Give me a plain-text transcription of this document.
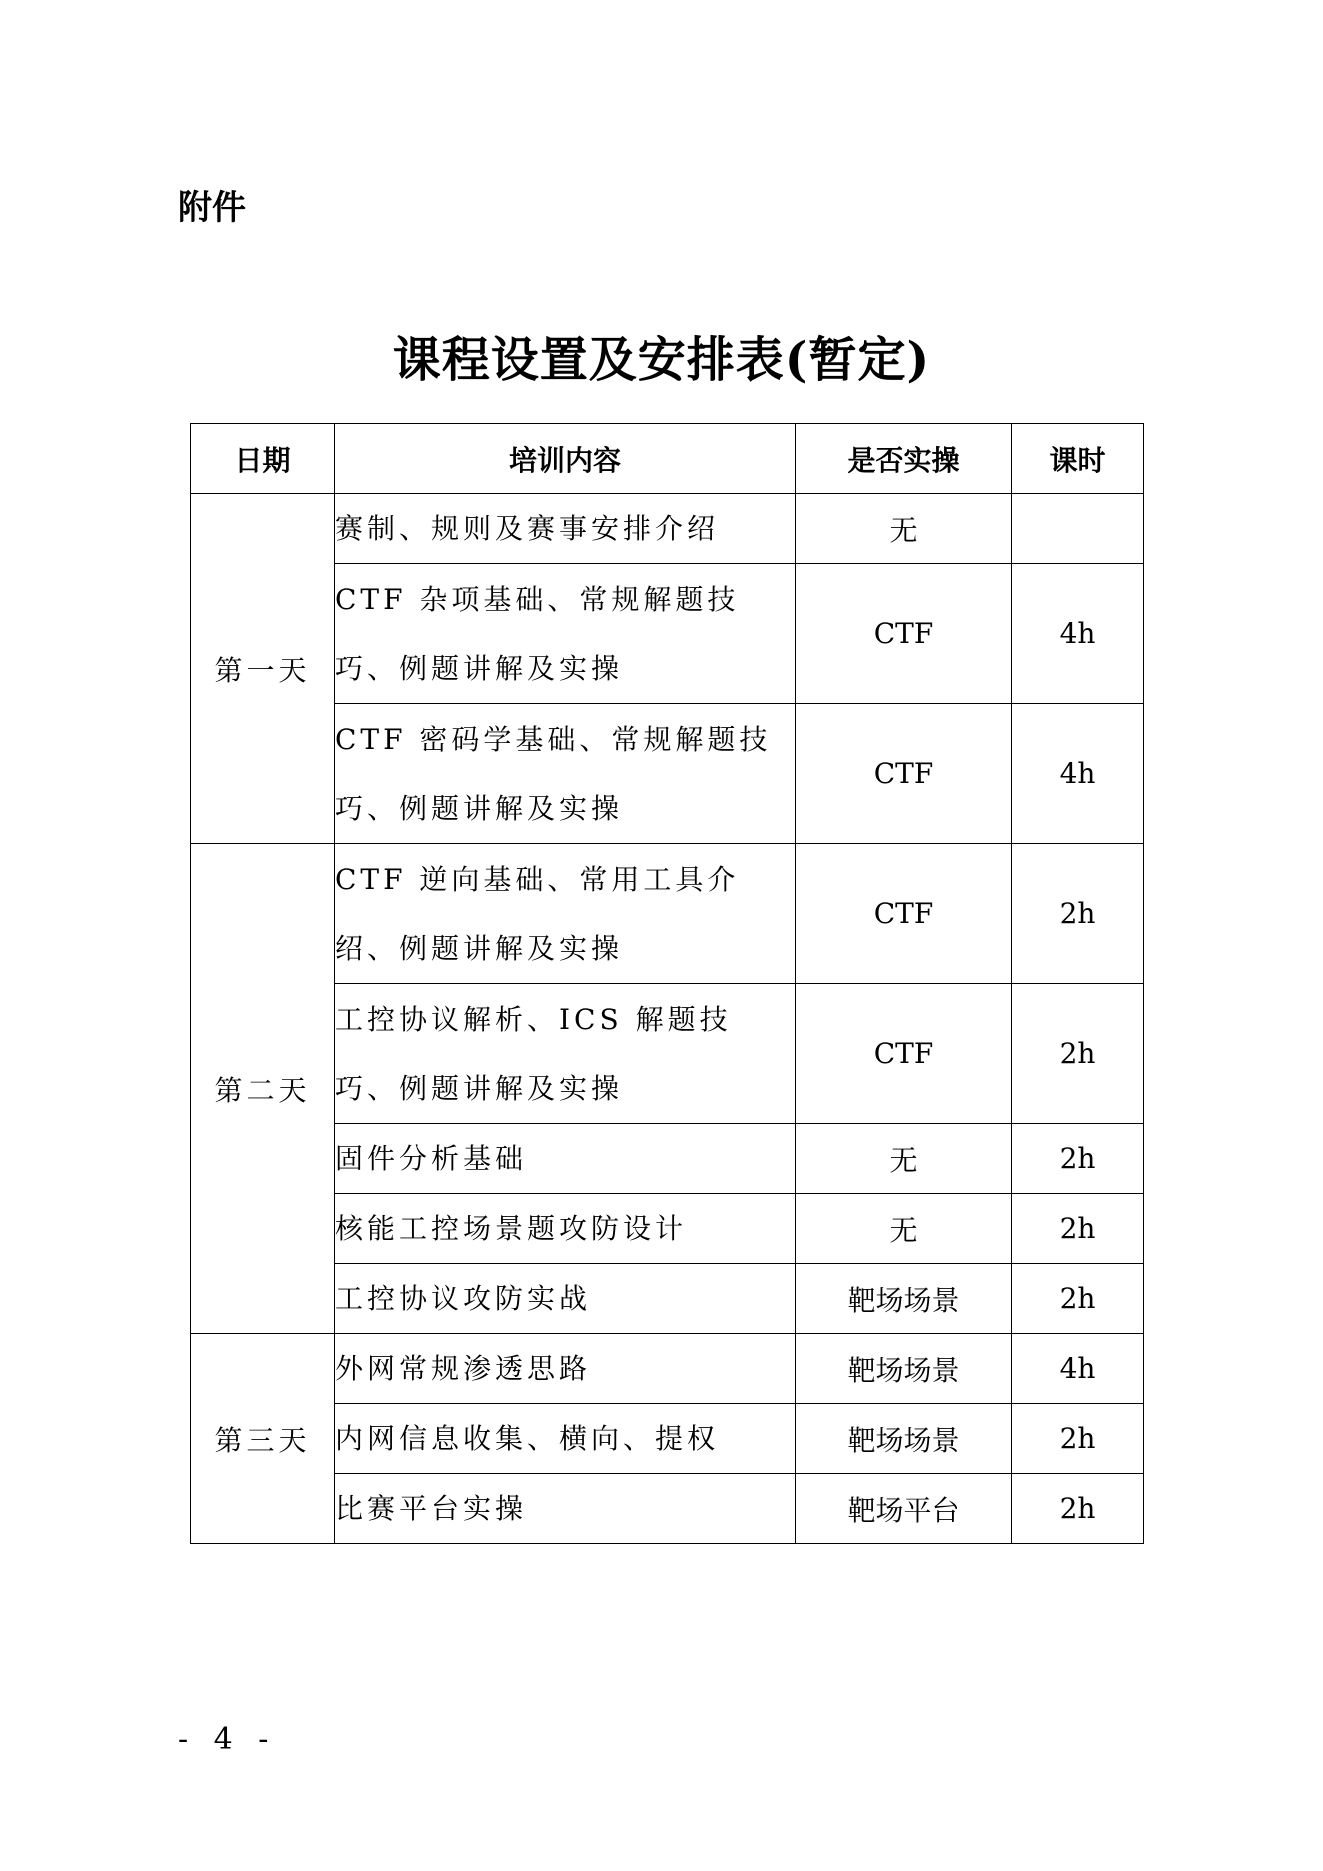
附件
课程设置及安排表(暂定)
日期	培训内容	是否实操	课时
第一天	赛制、规则及赛事安排介绍	无	
	CTF 杂项基础、常规解题技巧、例题讲解及实操	CTF	4h
	CTF 密码学基础、常规解题技巧、例题讲解及实操	CTF	4h
第二天	CTF 逆向基础、常用工具介绍、例题讲解及实操	CTF	2h
	工控协议解析、ICS 解题技巧、例题讲解及实操	CTF	2h
	固件分析基础	无	2h
	核能工控场景题攻防设计	无	2h
	工控协议攻防实战	靶场场景	2h
第三天	外网常规渗透思路	靶场场景	4h
	内网信息收集、横向、提权	靶场场景	2h
	比赛平台实操	靶场平台	2h
- 4 -
